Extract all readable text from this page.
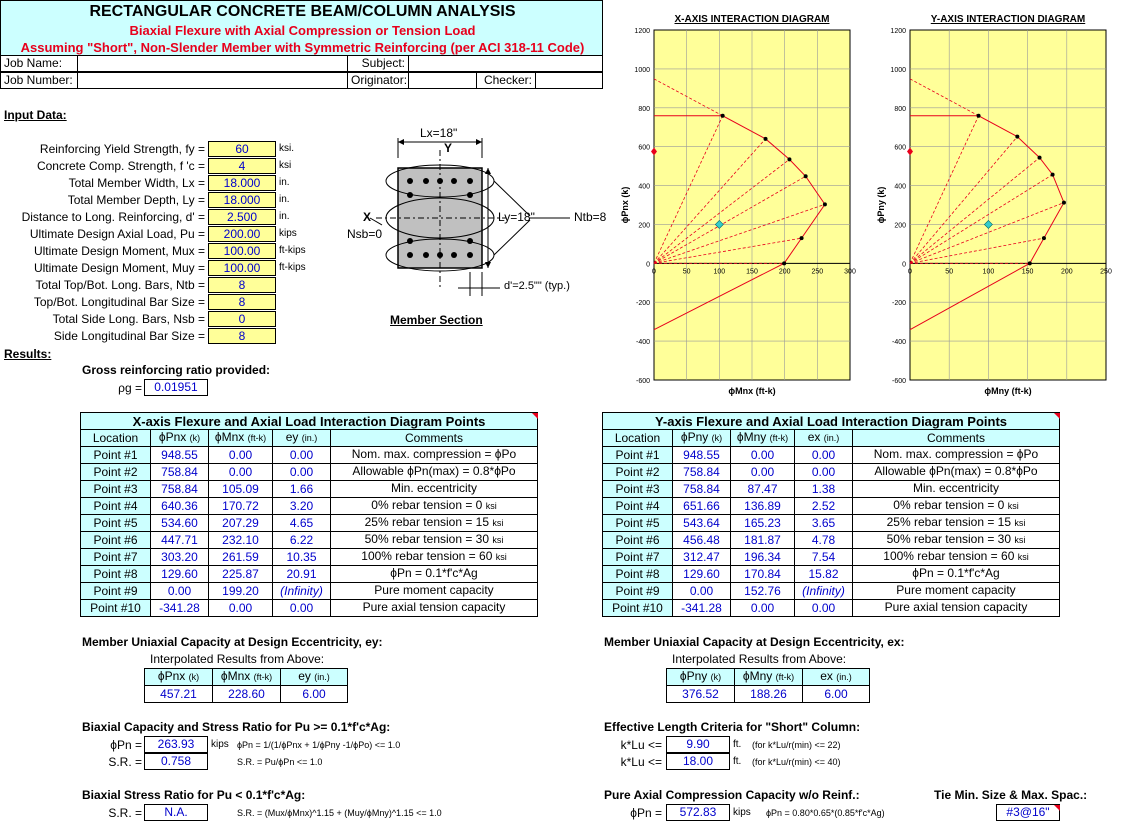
RECTANGULAR CONCRETE BEAM/COLUMN ANALYSIS
Biaxial Flexure with Axial Compression or Tension Load
Assuming "Short", Non-Slender Member with Symmetric Reinforcing (per ACI 318-11 Code)
Job Name:	Subject:
Job Number:	Originator:	Checker:
Input Data:
Reinforcing Yield Strength, fy =	60	ksi.
Concrete Comp. Strength, f 'c =	4	ksi
Total Member Width, Lx =	18.000	in.
Total Member Depth, Ly =	18.000	in.
Distance to Long. Reinforcing, d' =	2.500	in.
Ultimate Design Axial Load, Pu =	200.00	kips
Ultimate Design Moment, Mux =	100.00	ft-kips
Ultimate Design Moment, Muy =	100.00	ft-kips
Total Top/Bot. Long. Bars, Ntb =	8
Top/Bot. Longitudinal Bar Size =	8
Total Side Long. Bars, Nsb =	0
Side Longitudinal Bar Size =	8
Lx=18"
Y
X	Ly=18"	Ntb=8
Nsb=0
d'=2.5"" (typ.)
Member Section
Results:
Gross reinforcing ratio provided:
ρg =	0.01951
X-AXIS INTERACTION DIAGRAM
-600
-400
-200
0
200
400
600
800
1000
1200
0	50	100	150	200	250	300
ϕMnx (ft-k)
ϕPnx (k)
Y-AXIS INTERACTION DIAGRAM
-600
-400
-200
0
200
400
600
800
1000
1200
0	50	100	150	200	250
ϕMny (ft-k)
ϕPny (k)
X-axis Flexure and Axial Load Interaction Diagram Points				
Location	ϕPnx (k)	ϕMnx (ft-k)	ey (in.)	Comments
Point #1	948.55	0.00	0.00	Nom. max. compression = ϕPo
Point #2	758.84	0.00	0.00	Allowable ϕPn(max) = 0.8*ϕPo
Point #3	758.84	105.09	1.66	Min. eccentricity
Point #4	640.36	170.72	3.20	0% rebar tension = 0 ksi
Point #5	534.60	207.29	4.65	25% rebar tension = 15 ksi
Point #6	447.71	232.10	6.22	50% rebar tension = 30 ksi
Point #7	303.20	261.59	10.35	100% rebar tension = 60 ksi
Point #8	129.60	225.87	20.91	ϕPn = 0.1*f'c*Ag
Point #9	0.00	199.20	(Infinity)	Pure moment capacity
Point #10	-341.28	0.00	0.00	Pure axial tension capacity
Y-axis Flexure and Axial Load Interaction Diagram Points				
Location	ϕPny (k)	ϕMny (ft-k)	ex (in.)	Comments
Point #1	948.55	0.00	0.00	Nom. max. compression = ϕPo
Point #2	758.84	0.00	0.00	Allowable ϕPn(max) = 0.8*ϕPo
Point #3	758.84	87.47	1.38	Min. eccentricity
Point #4	651.66	136.89	2.52	0% rebar tension = 0 ksi
Point #5	543.64	165.23	3.65	25% rebar tension = 15 ksi
Point #6	456.48	181.87	4.78	50% rebar tension = 30 ksi
Point #7	312.47	196.34	7.54	100% rebar tension = 60 ksi
Point #8	129.60	170.84	15.82	ϕPn = 0.1*f'c*Ag
Point #9	0.00	152.76	(Infinity)	Pure moment capacity
Point #10	-341.28	0.00	0.00	Pure axial tension capacity
Member Uniaxial Capacity at Design Eccentricity, ey:
Interpolated Results from Above:
ϕPnx (k)	ϕMnx (ft-k)	ey (in.)
457.21	228.60	6.00
Member Uniaxial Capacity at Design Eccentricity, ex:
Interpolated Results from Above:
ϕPny (k)	ϕMny (ft-k)	ex (in.)
376.52	188.26	6.00
Biaxial Capacity and Stress Ratio for Pu >= 0.1*f'c*Ag:
ϕPn =	263.93	kips ϕPn = 1/(1/ϕPnx + 1/ϕPny -1/ϕPo) <= 1.0
S.R. =	0.758	S.R. = Pu/ϕPn <= 1.0
Biaxial Stress Ratio for Pu < 0.1*f'c*Ag:
S.R. =	N.A.	S.R. = (Mux/ϕMnx)^1.15 + (Muy/ϕMny)^1.15 <= 1.0
Effective Length Criteria for "Short" Column:
k*Lu <=	9.90	ft. (for k*Lu/r(min) <= 22)
k*Lu <=	18.00	ft. (for k*Lu/r(min) <= 40)
Pure Axial Compression Capacity w/o Reinf.:
ϕPn =	572.83	kips ϕPn = 0.80*0.65*(0.85*f'c*Ag)
Tie Min. Size & Max. Spac.:
#3@16"
